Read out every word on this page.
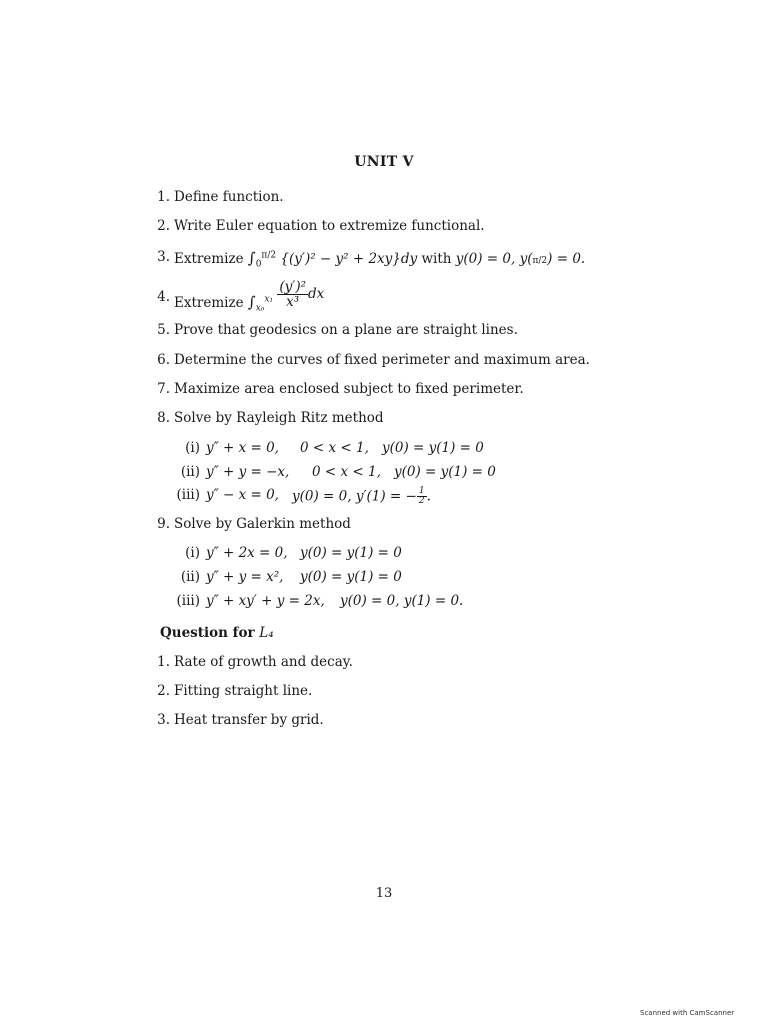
UNIT V
1. Define function.
2. Write Euler equation to extremize functional.
3. Extremize $\int_0^{\pi/2}$ {(y′)² − y² + 2xy}dy with y(0) = 0, y(π/2) = 0.
4. Extremize $\int_{x_0}^{x_1} \frac{\text{(y′)²}}{\text{x³}}$ dx
5. Prove that geodesics on a plane are straight lines.
6. Determine the curves of fixed perimeter and maximum area.
7. Maximize area enclosed subject to fixed perimeter.
8. Solve by Rayleigh Ritz method
(i) y″ + x = 0, 0 < x < 1, y(0) = y(1) = 0
(ii) y″ + y = −x, 0 < x < 1, y(0) = y(1) = 0
(iii) y″ − x = 0, y(0) = 0, y′(1) = − $\frac{1}{2}$ .
9. Solve by Galerkin method
(i) y″ + 2x = 0, y(0) = y(1) = 0
(ii) y″ + y = x², y(0) = y(1) = 0
(iii) y″ + xy′ + y = 2x, y(0) = 0, y(1) = 0.
Question for L₄
1. Rate of growth and decay.
2. Fitting straight line.
3. Heat transfer by grid.
13
Scanned with CamScanner
